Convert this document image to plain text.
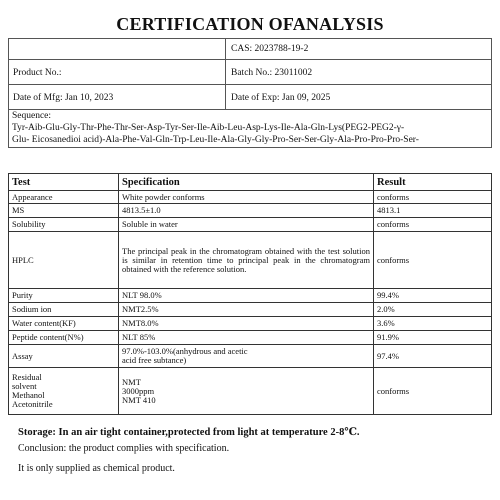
CERTIFICATION OFANALYSIS
CAS: 2023788-19-2
Product No.:	Batch No.: 23011002
Date of Mfg: Jan 10, 2023	Date of Exp: Jan 09, 2025
Sequence:
Tyr-Aib-Glu-Gly-Thr-Phe-Thr-Ser-Asp-Tyr-Ser-Ile-Aib-Leu-Asp-Lys-Ile-Ala-Gln-Lys(PEG2-PEG2-γ-
Glu- Eicosanedioi acid)-Ala-Phe-Val-Gln-Trp-Leu-Ile-Ala-Gly-Gly-Pro-Ser-Ser-Gly-Ala-Pro-Pro-Pro-Ser-
Test	Specification	Result
Appearance	White powder conforms	conforms
MS	4813.5±1.0	4813.1
Solubility	Soluble in water	conforms
HPLC	The principal peak in the chromatogram obtained with the test solution is similar in retention time to principal peak in the chromatogram obtained with the reference solution.	conforms
Purity	NLT 98.0%	99.4%
Sodium ion	NMT2.5%	2.0%
Water content(KF)	NMT8.0%	3.6%
Peptide content(N%)	NLT 85%	91.9%
Assay	97.0%-103.0%(anhydrous and acetic
acid free subtance)	97.4%
Residual
solvent
Methanol
Acetonitrile	NMT
3000ppm
NMT 410	conforms
Storage: In an air tight container,protected from light at temperature 2-8℃.
Conclusion: the product complies with specification.
It is only supplied as chemical product.
